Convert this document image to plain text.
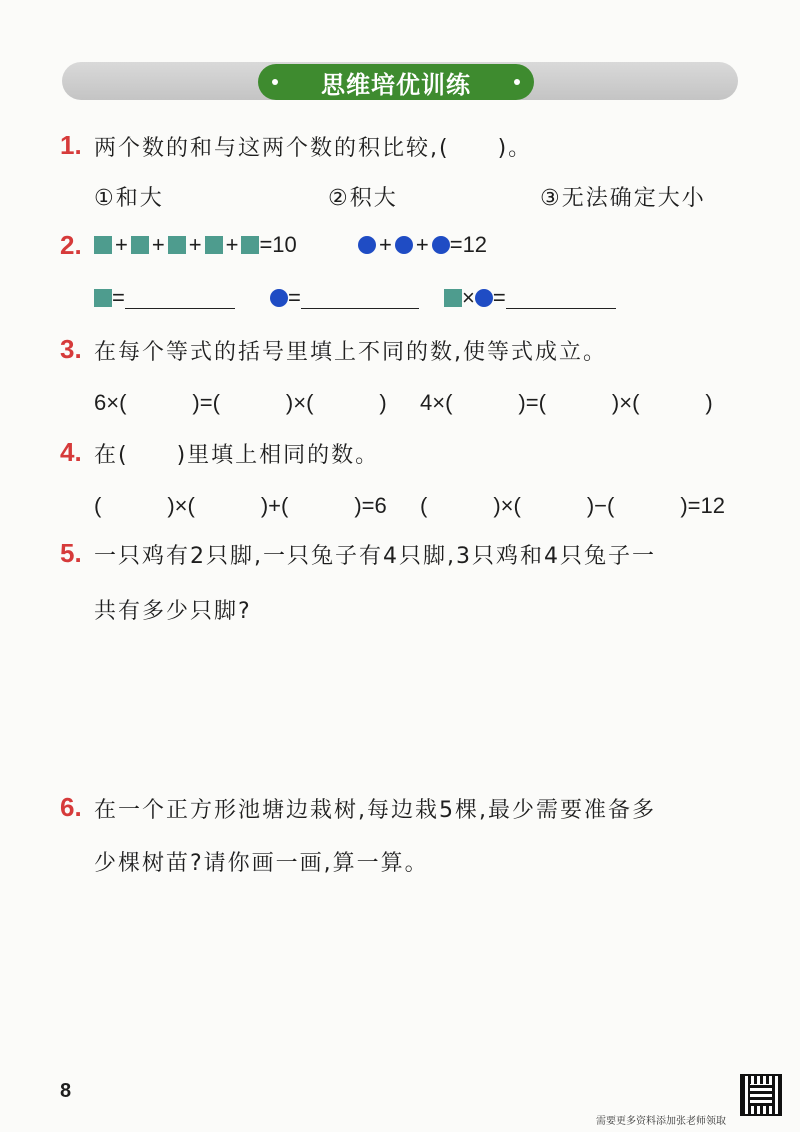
思维培优训练
1. 两个数的和与这两个数的积比较,(　　)。
①和大	②积大	③无法确定大小
2.	+ + + + =10	+ + =12
=	=	× =
3. 在每个等式的括号里填上不同的数,使等式成立。
6×(　　　)=(　　　)×(　　　) 4×(　　　)=(　　　)×(　　　)
4. 在(　　)里填上相同的数。
(　　　)×(　　　)+(　　　)=6 (　　　)×(　　　)−(　　　)=12
5. 一只鸡有2只脚,一只兔子有4只脚,3只鸡和4只兔子一
共有多少只脚?
6. 在一个正方形池塘边栽树,每边栽5棵,最少需要准备多
少棵树苗?请你画一画,算一算。
8
需要更多资料添加张老师领取
